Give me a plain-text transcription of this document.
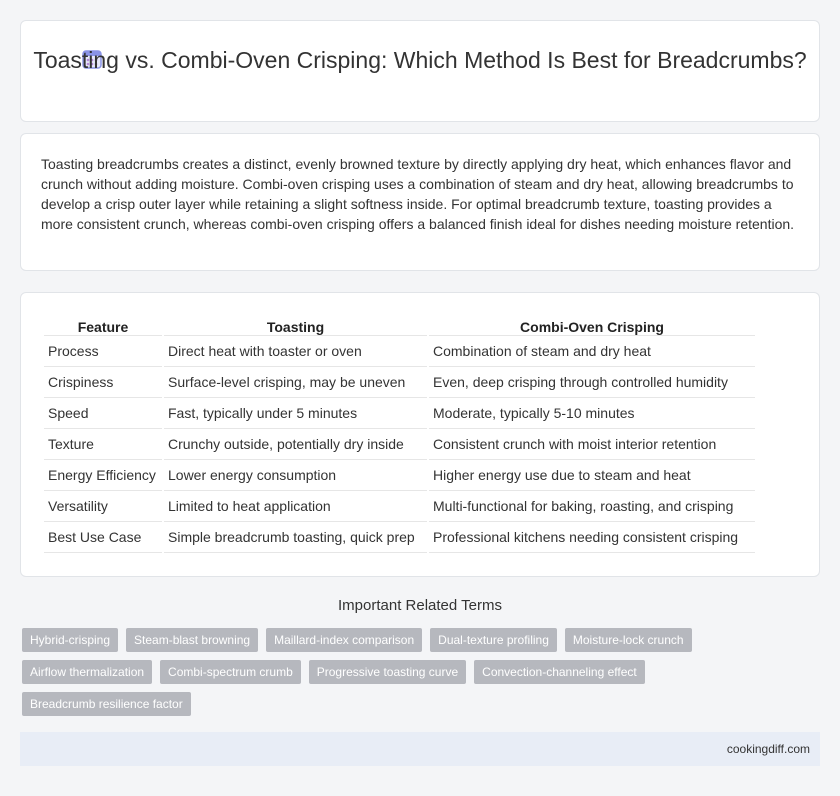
Toasting vs. Combi-Oven Crisping: Which Method Is Best for Breadcrumbs?
Toasting breadcrumbs creates a distinct, evenly browned texture by directly applying dry heat, which enhances flavor and crunch without adding moisture. Combi-oven crisping uses a combination of steam and dry heat, allowing breadcrumbs to develop a crisp outer layer while retaining a slight softness inside. For optimal breadcrumb texture, toasting provides a more consistent crunch, whereas combi-oven crisping offers a balanced finish ideal for dishes needing moisture retention.
Feature	Toasting	Combi-Oven Crisping
Process	Direct heat with toaster or oven	Combination of steam and dry heat
Crispiness	Surface-level crisping, may be uneven	Even, deep crisping through controlled humidity
Speed	Fast, typically under 5 minutes	Moderate, typically 5-10 minutes
Texture	Crunchy outside, potentially dry inside	Consistent crunch with moist interior retention
Energy Efficiency	Lower energy consumption	Higher energy use due to steam and heat
Versatility	Limited to heat application	Multi-functional for baking, roasting, and crisping
Best Use Case	Simple breadcrumb toasting, quick prep	Professional kitchens needing consistent crisping
Important Related Terms
Hybrid-crisping	Steam-blast browning	Maillard-index comparison	Dual-texture profiling	Moisture-lock crunch
Airflow thermalization	Combi-spectrum crumb	Progressive toasting curve	Convection-channeling effect
Breadcrumb resilience factor
cookingdiff.com
